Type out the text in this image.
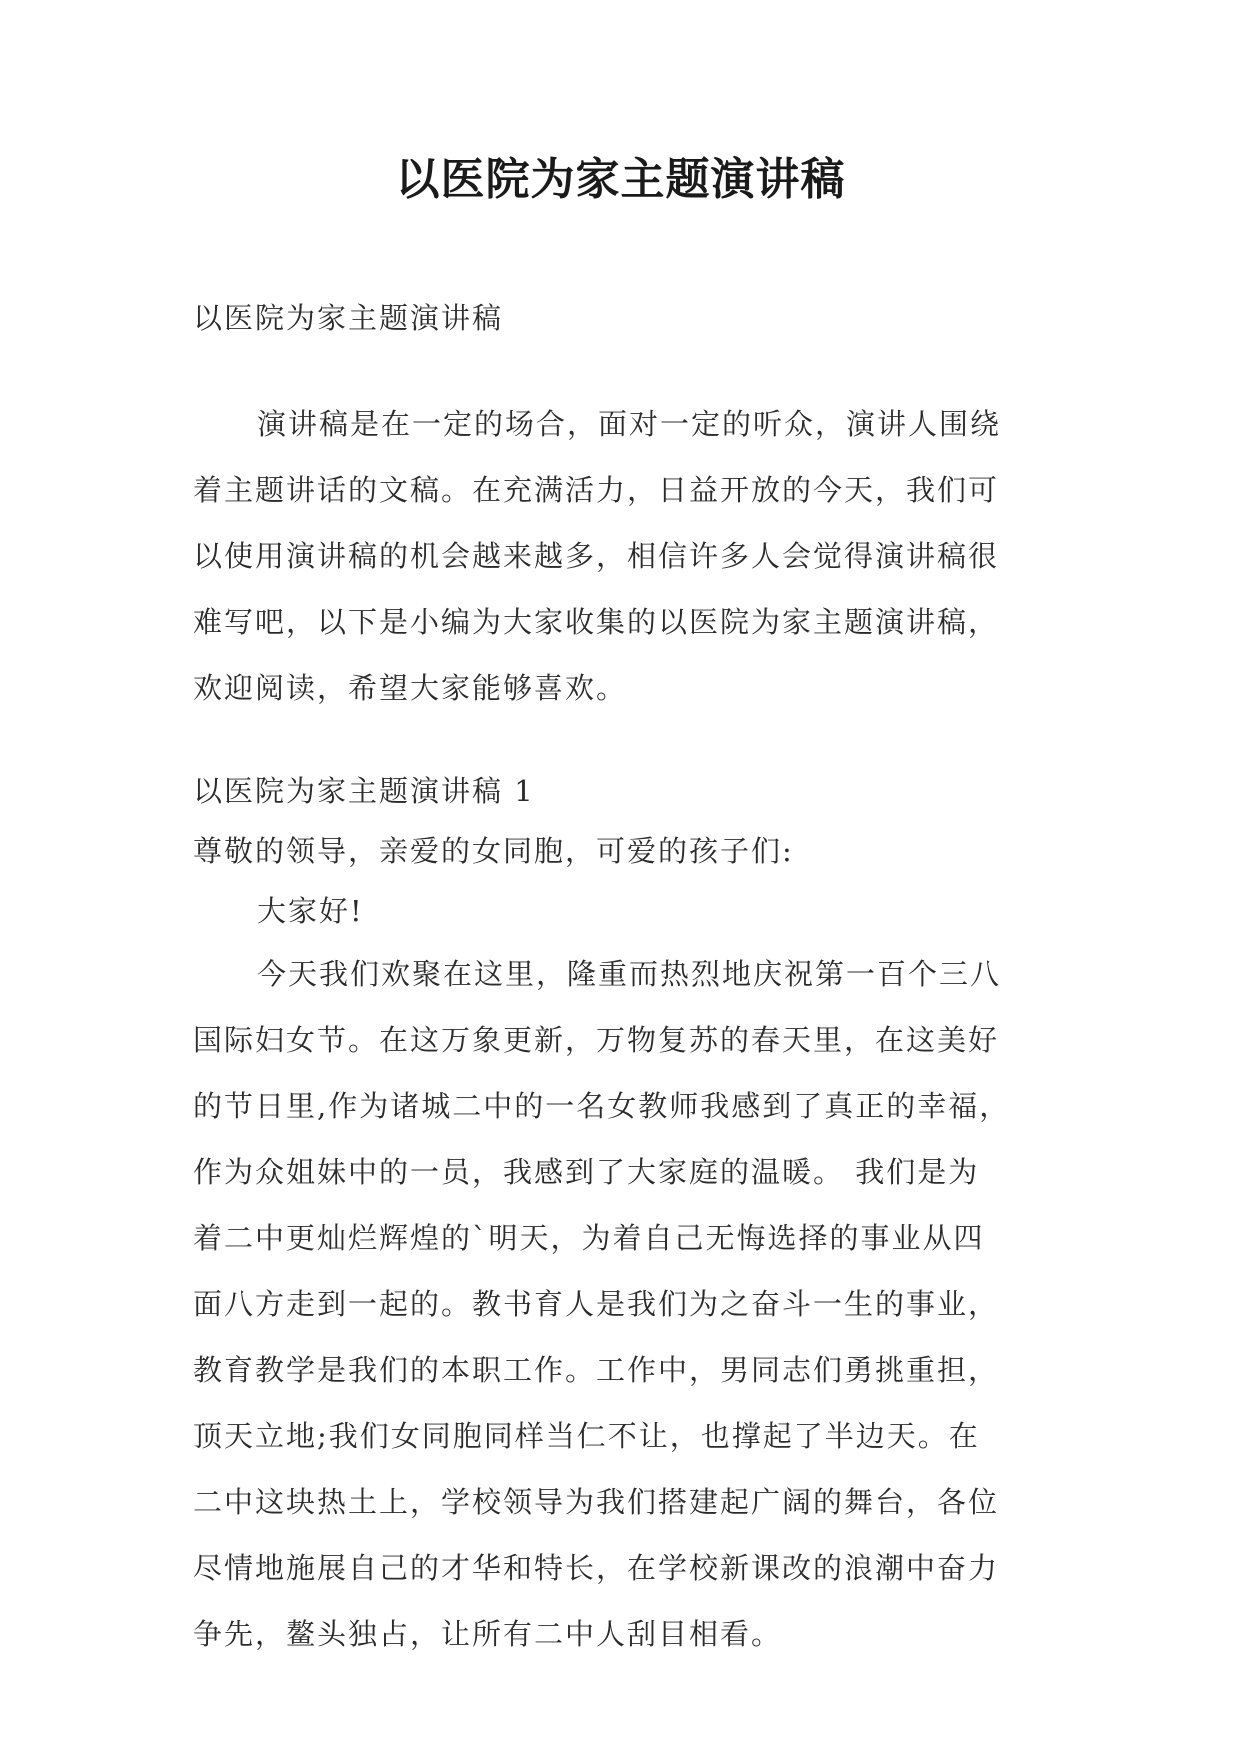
以医院为家主题演讲稿
以医院为家主题演讲稿
演讲稿是在一定的场合，面对一定的听众，演讲人围绕
着主题讲话的文稿。在充满活力，日益开放的今天，我们可
以使用演讲稿的机会越来越多，相信许多人会觉得演讲稿很
难写吧，以下是小编为大家收集的以医院为家主题演讲稿，
欢迎阅读，希望大家能够喜欢。
以医院为家主题演讲稿 1
尊敬的领导，亲爱的女同胞，可爱的孩子们:
大家好!
今天我们欢聚在这里，隆重而热烈地庆祝第一百个三八
国际妇女节。在这万象更新，万物复苏的春天里，在这美好
的节日里,作为诸城二中的一名女教师我感到了真正的幸福，
作为众姐妹中的一员，我感到了大家庭的温暖。 我们是为
着二中更灿烂辉煌的`明天，为着自己无悔选择的事业从四
面八方走到一起的。教书育人是我们为之奋斗一生的事业，
教育教学是我们的本职工作。工作中，男同志们勇挑重担，
顶天立地;我们女同胞同样当仁不让，也撑起了半边天。在
二中这块热土上，学校领导为我们搭建起广阔的舞台，各位
尽情地施展自己的才华和特长，在学校新课改的浪潮中奋力
争先，鳌头独占，让所有二中人刮目相看。
